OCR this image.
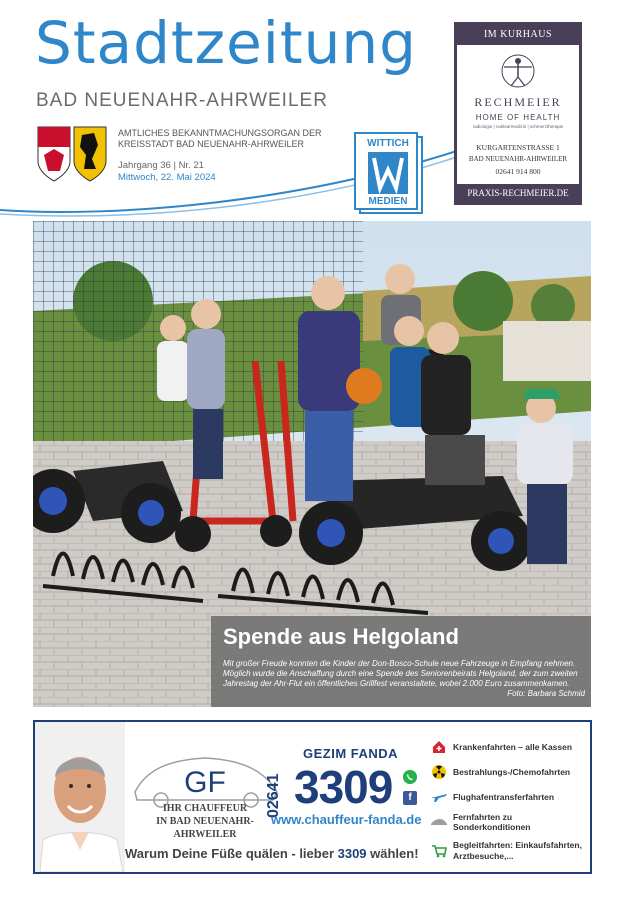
Stadtzeitung
BAD NEUENAHR-AHRWEILER
AMTLICHES BEKANNTMACHUNGSORGAN DER
KREISSTADT BAD NEUENAHR-AHRWEILER
Jahrgang 36 | Nr. 21
Mittwoch, 22. Mai 2024
WITTICH
MEDIEN
IM KURHAUS
RECHMEIER
HOME OF HEALTH
radiologie | nuklearmedizin | schmerztherapie
KURGARTENSTRASSE 1
BAD NEUENAHR-AHRWEILER
02641 914 800
PRAXIS-RECHMEIER.DE
Spende aus Helgoland
Mit großer Freude konnten die Kinder der Don-Bosco-Schule neue Fahrzeuge in Empfang nehmen. Möglich wurde die Anschaffung durch eine Spende des Seniorenbeirats Helgoland, der zum zweiten Jahrestag der Ahr-Flut ein öffentliches Grillfest veranstaltete, wobei 2.000 Euro zusammenkamen.
Foto: Barbara Schmid
GF
IHR CHAUFFEUR
IN BAD NEUENAHR-AHRWEILER
GEZIM FANDA
02641 3309	f
www.chauffeur-fanda.de
Warum Deine Füße quälen - lieber 3309 wählen!
Krankenfahrten – alle Kassen
Bestrahlungs-/Chemofahrten
Flughafentransferfahrten
Fernfahrten zu Sonderkonditionen
Begleitfahrten: Einkaufsfahrten, Arztbesuche,...
